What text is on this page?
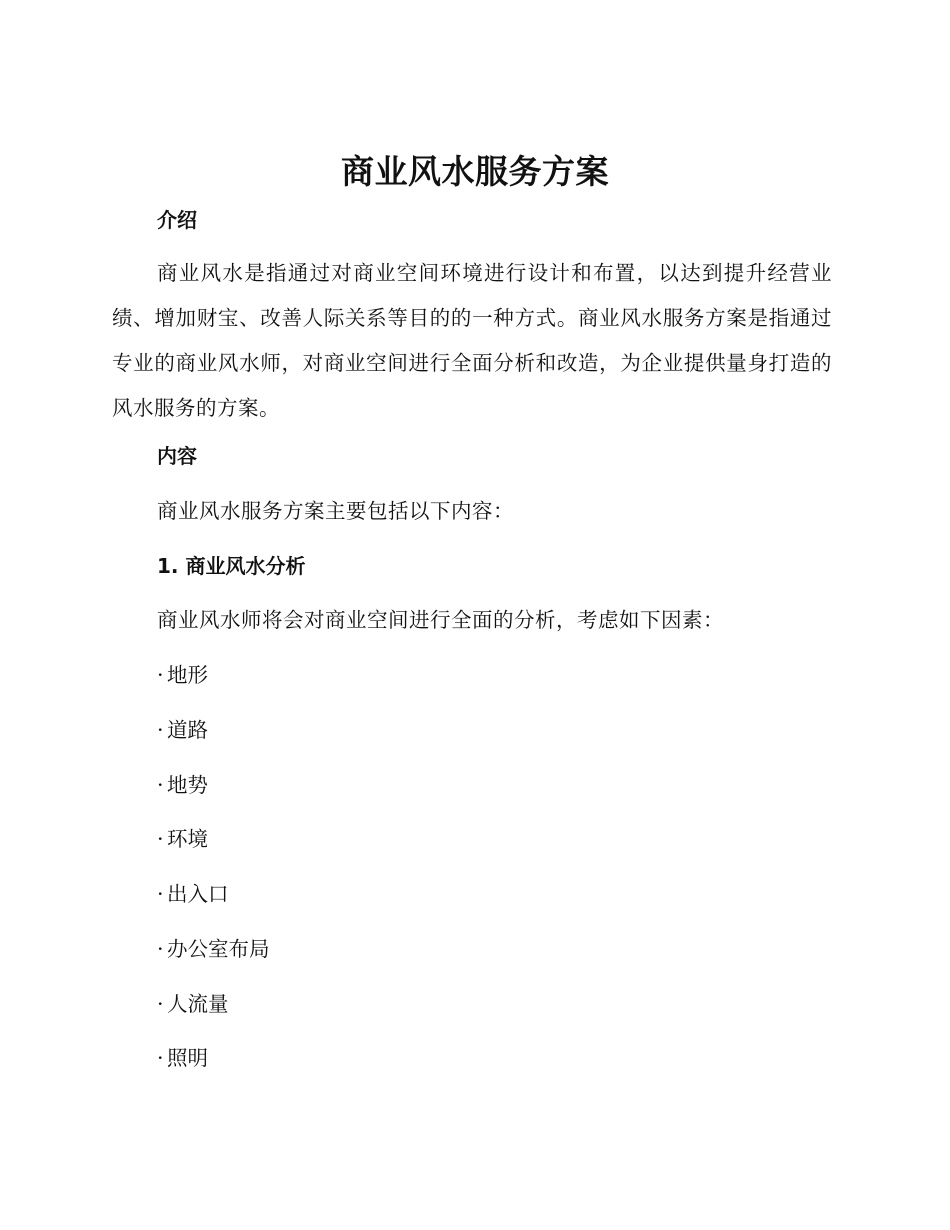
商业风水服务方案
介绍

商业风水是指通过对商业空间环境进行设计和布置，以达到提升经营业绩、增加财宝、改善人际关系等目的的一种方式。商业风水服务方案是指通过专业的商业风水师，对商业空间进行全面分析和改造，为企业提供量身打造的风水服务的方案。

内容

商业风水服务方案主要包括以下内容：

1. 商业风水分析

商业风水师将会对商业空间进行全面的分析，考虑如下因素：

· 地形
· 道路
· 地势
· 环境
· 出入口
· 办公室布局
· 人流量
· 照明
